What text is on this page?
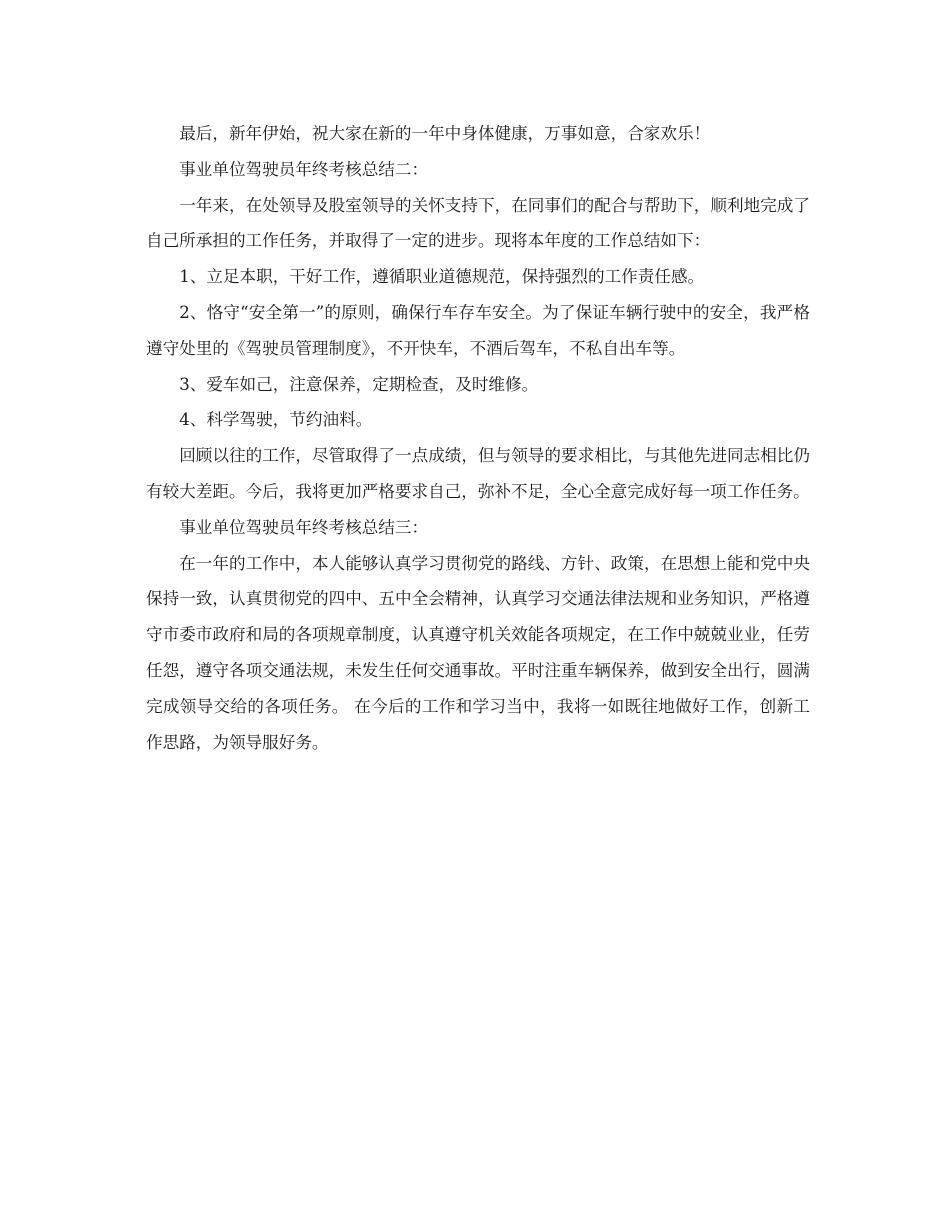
最后，新年伊始，祝大家在新的一年中身体健康，万事如意，合家欢乐！

事业单位驾驶员年终考核总结二：

一年来，在处领导及股室领导的关怀支持下，在同事们的配合与帮助下，顺利地完成了自己所承担的工作任务，并取得了一定的进步。现将本年度的工作总结如下：

1、立足本职，干好工作，遵循职业道德规范，保持强烈的工作责任感。

2、恪守“安全第一”的原则，确保行车存车安全。为了保证车辆行驶中的安全，我严格遵守处里的《驾驶员管理制度》，不开快车，不酒后驾车，不私自出车等。

3、爱车如己，注意保养，定期检查，及时维修。

4、科学驾驶，节约油料。

回顾以往的工作，尽管取得了一点成绩，但与领导的要求相比，与其他先进同志相比仍有较大差距。今后，我将更加严格要求自己，弥补不足，全心全意完成好每一项工作任务。

事业单位驾驶员年终考核总结三：

在一年的工作中，本人能够认真学习贯彻党的路线、方针、政策，在思想上能和党中央保持一致，认真贯彻党的四中、五中全会精神，认真学习交通法律法规和业务知识，严格遵守市委市政府和局的各项规章制度，认真遵守机关效能各项规定，在工作中兢兢业业，任劳任怨，遵守各项交通法规，未发生任何交通事故。平时注重车辆保养，做到安全出行，圆满完成领导交给的各项任务。 在今后的工作和学习当中，我将一如既往地做好工作，创新工作思路，为领导服好务。
